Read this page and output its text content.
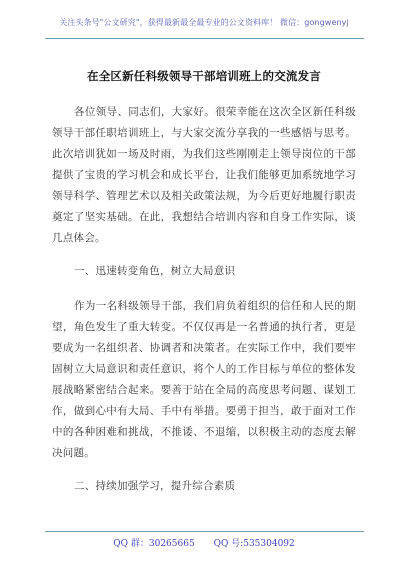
关注头条号"公文研究"，获得最新最全最专业的公文资料库！ 微信：gongwenyj
在全区新任科级领导干部培训班上的交流发言

各位领导、同志们，大家好。很荣幸能在这次全区新任科级领导干部任职培训班上，与大家交流分享我的一些感悟与思考。此次培训犹如一场及时雨，为我们这些刚刚走上领导岗位的干部提供了宝贵的学习机会和成长平台，让我们能够更加系统地学习领导科学、管理艺术以及相关政策法规，为今后更好地履行职责奠定了坚实基础。在此，我想结合培训内容和自身工作实际，谈几点体会。

一、迅速转变角色，树立大局意识

作为一名科级领导干部，我们肩负着组织的信任和人民的期望，角色发生了重大转变。不仅仅再是一名普通的执行者，更是要成为一名组织者、协调者和决策者。在实际工作中，我们要牢固树立大局意识和责任意识，将个人的工作目标与单位的整体发展战略紧密结合起来。要善于站在全局的高度思考问题、谋划工作，做到心中有大局、手中有举措。要勇于担当，敢于面对工作中的各种困难和挑战，不推诿、不退缩，以积极主动的态度去解决问题。

二、持续加强学习，提升综合素质

QQ 群：30265665 QQ 号:535304092
